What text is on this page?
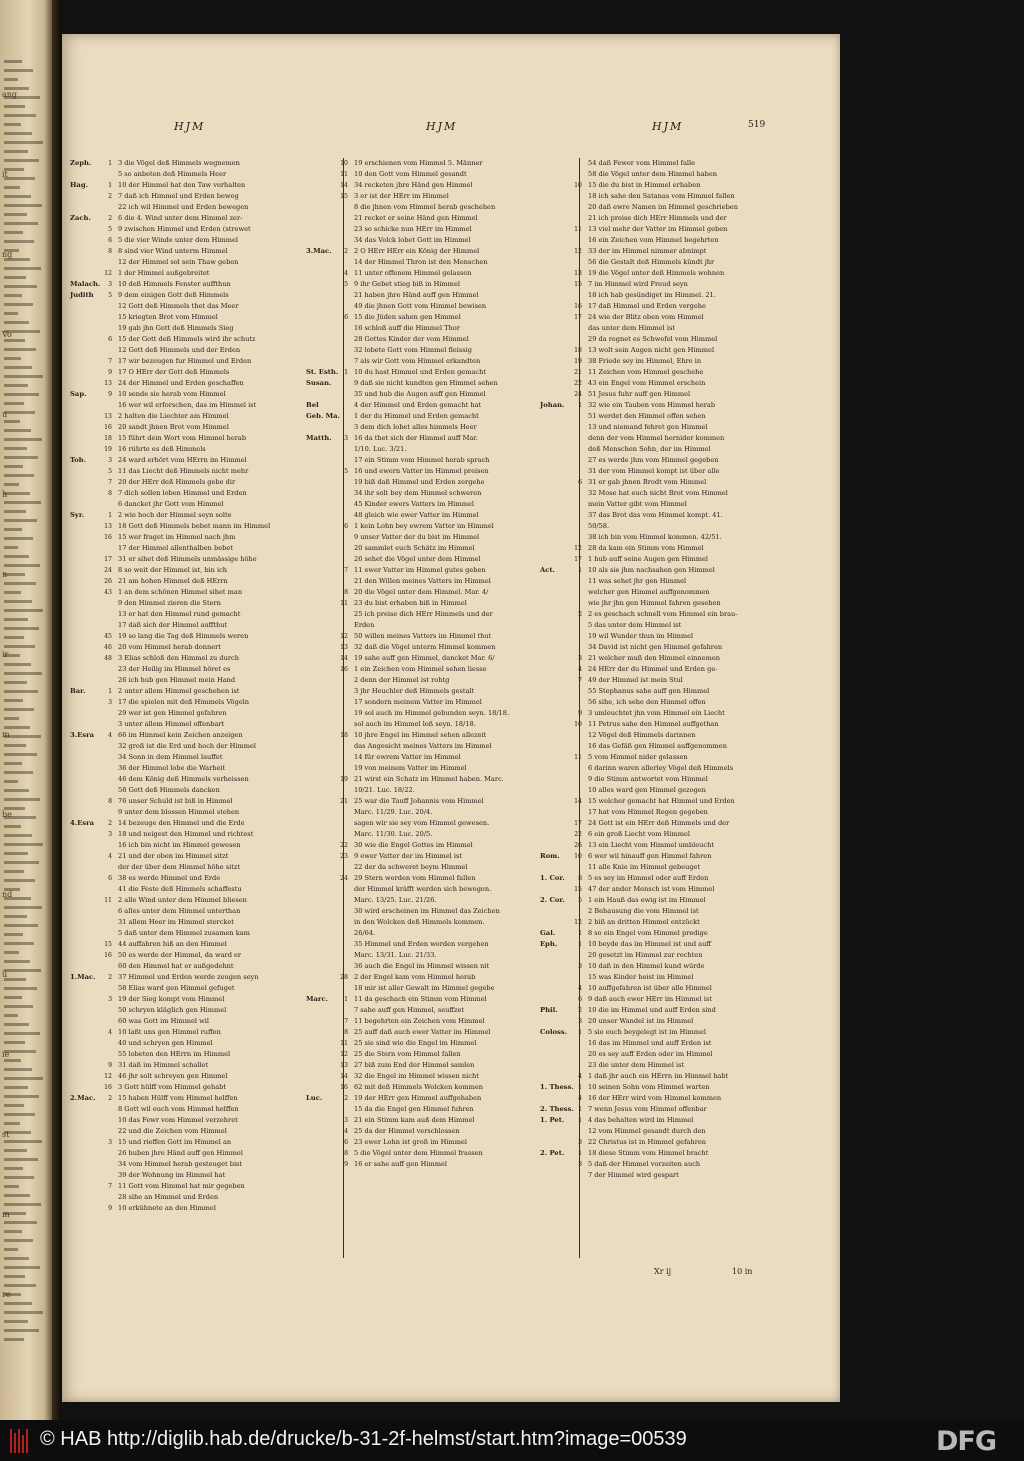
ang
it
ng
Vo
u
h
n
ir
m
be
nd
ü
ie
st
m
re
HJM	HJM	HJM	519
Zeph.	1 3 die Vögel deß Himmels wegnemen
5 so anbeten deß Himmels Heer
Hag.	1 10 der Himmel hat den Taw verhalten
2 7 daß ich Himmel und Erden beweg
22 ich wil Himmel und Erden bewegen
Zach.	2 6 die 4. Wind unter dem Himmel zer-
5 9 zwischen Himmel und Erden (strewet
6 5 die vier Winde unter dem Himmel
8 8 sind vier Wind unterm Himmel
12 der Himmel sol sein Thaw geben
12 1 der Himmel außgebreitet
Malach.	3 10 deß Himmels Fenster auffthun
Judith	5 9 dem einigen Gott deß Himmels
12 Gott deß Himmels thet das Meer
15 kriegten Brot vom Himmel
19 gab jhn Gott deß Himmels Sieg
6 15 der Gott deß Himmels wird ihr schutz
12 Gott deß Himmels und der Erden
7 17 wir bezeugen fur Himmel und Erden
9 17 O HErr der Gott deß Himmels
13 24 der Himmel und Erden geschaffen
Sap.	9 10 sende sie herab vom Himmel
16 wer wil erforschen, das im Himmel ist
13 2 halten die Liechter am Himmel
16 20 sandt jhnen Brot vom Himmel
18 15 führt dein Wort vom Himmel herab
19 16 rührte es deß Himmels
Tob.	3 24 ward erhört vom HErrn im Himmel
5 11 das Liecht deß Himmels nicht mehr
7 20 der HErr deß Himmels gebe dir
8 7 dich sollen loben Himmel und Erden
6 dancket jhr Gott vom Himmel
Syr.	1 2 wie hoch der Himmel seyn solte
13 18 Gott deß Himmels bebet mann im Himmel
16 15 wer fraget im Himmel nach jhm
17 der Himmel allenthalben bebet
17 31 er sihet deß Himmels unmässige höhe
24 8 so weit der Himmel ist, bin ich
26 21 am hohen Himmel deß HErrn
43 1 an dem schönen Himmel sihet man
9 den Himmel zieren die Stern
13 er hat den Himmel rund gemacht
17 daß sich der Himmel auffthut
45 19 so lang die Tag deß Himmels weren
46 20 vom Himmel herab donnert
48 3 Elias schloß den Himmel zu durch
23 der Heilig im Himmel höret es
26 ich hub gen Himmel mein Hand
Bar.	1 2 unter allem Himmel geschehen ist
3 17 die spielen mit deß Himmels Vögeln
29 wer ist gen Himmel gefahren
3 unter allem Himmel offenbart
3.Esra	4 66 im Himmel kein Zeichen anzeigen
32 groß ist die Erd und hoch der Himmel
34 Sonn in dem Himmel lauffet
36 der Himmel lobe die Warheit
46 dem König deß Himmels verheissen
58 Gott deß Himmels dancken
8 76 unser Schuld ist biß in Himmel
9 unter dem blossen Himmel stehen
4.Esra	2 14 bezeuge den Himmel und die Erde
3 18 und neigest den Himmel und richtest
16 ich bin nicht im Himmel gewesen
4 21 und der oben im Himmel sitzt
der der über dem Himmel höhe sitzt
6 38 es werde Himmel und Erde
41 die Feste deß Himmels schaffestu
11 2 alle Wind unter dem Himmel bliesen
6 alles unter dem Himmel unterthan
31 allem Heer im Himmel stercket
5 daß unter dem Himmel zusamen kam
15 44 auffahren biß an den Himmel
16 50 es werde der Himmel, da ward er
60 den Himmel hat er außgedehnt
1.Mac.	2 37 Himmel und Erden werde zeugen seyn
58 Elias ward gen Himmel gefuget
3 19 der Sieg kompt vom Himmel
50 schryen kläglich gen Himmel
60 was Gott im Himmel wil
4 10 laßt uns gen Himmel ruffen
40 und schryen gen Himmel
55 lobeten den HErrn im Himmel
9 31 daß im Himmel schallet
12 46 jhr solt schreyen gen Himmel
16 3 Gott hülff vom Himmel gehabt
2.Mac.	2 15 haben Hülff vom Himmel helffen
8 Gott wil euch vom Himmel helffen
10 das Fewr vom Himmel verzehret
22 und die Zeichen vom Himmel
3 15 und rieffen Gott im Himmel an
26 huben jhre Händ auff gen Himmel
34 vom Himmel herab gesteuget bist
39 der Wohnung im Himmel hat
7 11 Gott vom Himmel hat mir gegeben
28 sihe an Himmel und Erden
9 10 erkühnete an den Himmel
10 19 erschienen vom Himmel 5. Männer
11 10 den Gott vom Himmel gesandt
14 34 recketen jhre Händ gen Himmel
15 3 er ist der HErr im Himmel
8 die jhnen vom Himmel herab geschehen
21 recket er seine Händ gen Himmel
23 so schicke nun HErr im Himmel
34 das Volck lobet Gott im Himmel
3.Mac.	2 2 O HErr HErr ein König der Himmel
14 der Himmel Thron ist den Menschen
4 11 unter offenem Himmel gelassen
5 9 ihr Gebet stieg biß in Himmel
21 haben jhre Händ auff gen Himmel
49 die jhnen Gott vom Himmel bewisen
6 15 die Jüden sahen gen Himmel
16 schloß auff die Himmel Thor
28 Gottes Kinder der vom Himmel
32 lobete Gott vom Himmel fleissig
7 als wir Gott vom Himmel erkandten
St. Esth. 1 10 du hast Himmel und Erden gemacht
Susan.	9 daß sie nicht kundten gen Himmel sehen
35 und hub die Augen auff gen Himmel
Bel	4 der Himmel und Erden gemacht hat
Geb. Ma.	1 der du Himmel und Erden gemacht
3 dem dich lobet alles himmels Heer
Matth.	3 16 da thet sich der Himmel auff Mar.
1/10. Luc. 3/21.
17 ein Stimm vom Himmel herab sprach
5 16 und ewern Vatter im Himmel preisen
19 biß daß Himmel und Erden zergehe
34 ihr solt bey dem Himmel schweren
45 Kinder ewers Vatters im Himmel
48 gleich wie ewer Vatter im Himmel
6 1 kein Lohn bey ewrem Vatter im Himmel
9 unser Vatter der du bist im Himmel
20 sammlet euch Schätz im Himmel
26 sehet die Vögel unter dem Himmel
7 11 ewer Vatter im Himmel gutes geben
21 den Willen meines Vatters im Himmel
8 20 die Vögel unter dem Himmel. Mar. 4/
11 23 du bist erhaben biß in Himmel
25 ich preise dich HErr Himmels und der
Erden
12 50 willen meines Vatters im Himmel thut
13 32 daß die Vögel unterm Himmel kommen
14 19 sahe auff gen Himmel, dancket Mar. 6/
16 1 ein Zeichen vom Himmel sehen liesse
2 denn der Himmel ist rohtg
3 jhr Heuchler deß Himmels gestalt
17 sondern meinem Vatter im Himmel
19 sol auch im Himmel gebunden seyn. 18/18.
sol auch im Himmel loß seyn. 18/18.
18 10 jhre Engel im Himmel sehen allezeit
das Angesicht meines Vatters im Himmel
14 für ewrem Vatter im Himmel
19 von meinem Vatter im Himmel
19 21 wirst ein Schatz im Himmel haben. Marc.
10/21. Luc. 18/22.
21 25 war die Tauff Johannis vom Himmel
Marc. 11/29. Luc. 20/4.
sagen wir sie sey vom Himmel gewesen.
Marc. 11/30. Luc. 20/5.
22 30 wie die Engel Gottes im Himmel
23 9 ewer Vatter der im Himmel ist
22 der da schweret beym Himmel
24 29 Stern werden vom Himmel fallen
der Himmel kräfft werden sich bewegen.
Marc. 13/25. Luc. 21/26.
30 wird erscheinen im Himmel das Zeichen
in den Wolcken deß Himmels kommen.
26/64.
35 Himmel und Erden werden vergehen
Marc. 13/31. Luc. 21/33.
36 auch die Engel im Himmel wissen nit
28 2 der Engel kam vom Himmel herab
18 mir ist aller Gewalt im Himmel gegebe
Marc.	1 11 da geschach ein Stimm vom Himmel
7 sahe auff gen Himmel, seuffzet
7 11 begehrten ein Zeichen vom Himmel
8 25 auff daß auch ewer Vatter im Himmel
11 25 sie sind wie die Engel im Himmel
12 25 die Stern vom Himmel fallen
13 27 biß zum End der Himmel samlen
14 32 die Engel im Himmel wissen nicht
16 62 mit deß Himmels Wolcken kommen
Luc.	2 19 der HErr gen Himmel auffgehaben
15 da die Engel gen Himmel fuhren
3 21 ein Stimm kam auß dem Himmel
4 25 da der Himmel verschlossen
6 23 ewer Lohn ist groß im Himmel
8 5 die Vögel unter dem Himmel frassen
9 16 er sahe auff gen Himmel
54 daß Fewer vom Himmel falle
58 die Vögel unter dem Himmel haben
10 15 die du bist in Himmel erhaben
18 ich sahe den Satanas vom Himmel fallen
20 daß ewre Namen im Himmel geschrieben
21 ich preise dich HErr Himmels und der
11 13 viel mehr der Vatter im Himmel geben
16 ein Zeichen vom Himmel begehrten
12 33 der im Himmel nimmer abnimpt
56 die Gestalt deß Himmels kündt jhr
13 19 die Vögel unter deß Himmels wohnen
15 7 im Himmel wird Freud seyn
18 ich hab gesündiget im Himmel. 21.
16 17 daß Himmel und Erden vergehe
17 24 wie der Blitz oben vom Himmel
das unter dem Himmel ist
29 da regnet es Schwefel vom Himmel
18 13 wolt sein Augen nicht gen Himmel
19 38 Friede sey im Himmel, Ehre in
21 11 Zeichen vom Himmel geschehe
22 43 ein Engel vom Himmel erschein
24 51 Jesus fuhr auff gen Himmel
Johan.	1 32 wie ein Tauben vom Himmel herab
51 werdet den Himmel offen sehen
13 und niemand fehret gen Himmel
denn der vom Himmel hernider kommen
deß Menschen Sohn, der im Himmel
27 es werde jhm vom Himmel gegeben
31 der vom Himmel kompt ist über alle
6 31 er gab jhnen Brodt vom Himmel
32 Mose hat euch nicht Brot vom Himmel
mein Vatter gibt vom Himmel
37 das Brot das vom Himmel kompt. 41.
50/58.
38 ich bin vom Himmel kommen. 42/51.
12 28 da kam ein Stimm vom Himmel
17 1 hub auff seine Augen gen Himmel
Act.	1 10 als sie jhm nachsahen gen Himmel
11 was sehet jhr gen Himmel
welcher gen Himmel auffgenommen
wie jhr jhn gen Himmel fahren gesehen
2 2 es geschach schnell vom Himmel ein brau-
5 das unter dem Himmel ist
19 wil Wunder thun im Himmel
34 David ist nicht gen Himmel gefahren
3 21 welcher muß den Himmel einnemen
4 24 HErr der du Himmel und Erden ge-
7 49 der Himmel ist mein Stul
55 Stephanus sahe auff gen Himmel
56 sihe, ich sehe den Himmel offen
9 3 umleuchtet jhn vom Himmel ein Liecht
10 11 Petrus sahe den Himmel auffgethan
12 Vögel deß Himmels darinnen
16 das Gefäß gen Himmel auffgenommen
11 5 vom Himmel nider gelassen
6 darinn waren allerley Vögel deß Himmels
9 die Stimm antwortet vom Himmel
10 alles ward gen Himmel gezogen
14 15 welcher gemacht hat Himmel und Erden
17 hat vom Himmel Regen gegeben
17 24 Gott ist ein HErr deß Himmels und der
22 6 ein groß Liecht vom Himmel
26 13 ein Liecht vom Himmel umbleucht
Rom.	10 6 wer wil hinauff gen Himmel fahren
11 alle Knie im Himmel gebeuget
1. Cor.	8 5 es sey im Himmel oder auff Erden
15 47 der ander Mensch ist vom Himmel
2. Cor.	5 1 ein Hauß das ewig ist im Himmel
2 Behausung die vom Himmel ist
12 2 biß an dritten Himmel entzückt
Gal.	1 8 so ein Engel vom Himmel predige
Eph.	1 10 beyde das im Himmel ist und auff
20 gesetzt im Himmel zur rechten
3 10 daß in den Himmel kund würde
15 was Kinder heist im Himmel
4 10 auffgefahren ist über alle Himmel
6 9 daß auch ewer HErr im Himmel ist
Phil.	2 10 die im Himmel und auff Erden sind
3 20 unser Wandel ist im Himmel
Coloss.	1 5 sie euch beygelegt ist im Himmel
16 das im Himmel und auff Erden ist
20 es sey auff Erden oder im Himmel
23 die unter dem Himmel ist
4 1 daß jhr auch ein HErrn im Himmel habt
1. Thess. 1 10 seinen Sohn vom Himmel warten
4 16 der HErr wird vom Himmel kommen
2. Thess. 1 7 wenn Jesus vom Himmel offenbar
1. Pet.	1 4 das behalten wird im Himmel
12 vom Himmel gesandt durch den
3 22 Christus ist in Himmel gefahren
2. Pet.	1 18 diese Stimm vom Himmel bracht
3 5 daß der Himmel vorzeiten auch
7 der Himmel wird gespart
Xr ij	10 in
© HAB http://diglib.hab.de/drucke/b-31-2f-helmst/start.htm?image=00539	DFG
